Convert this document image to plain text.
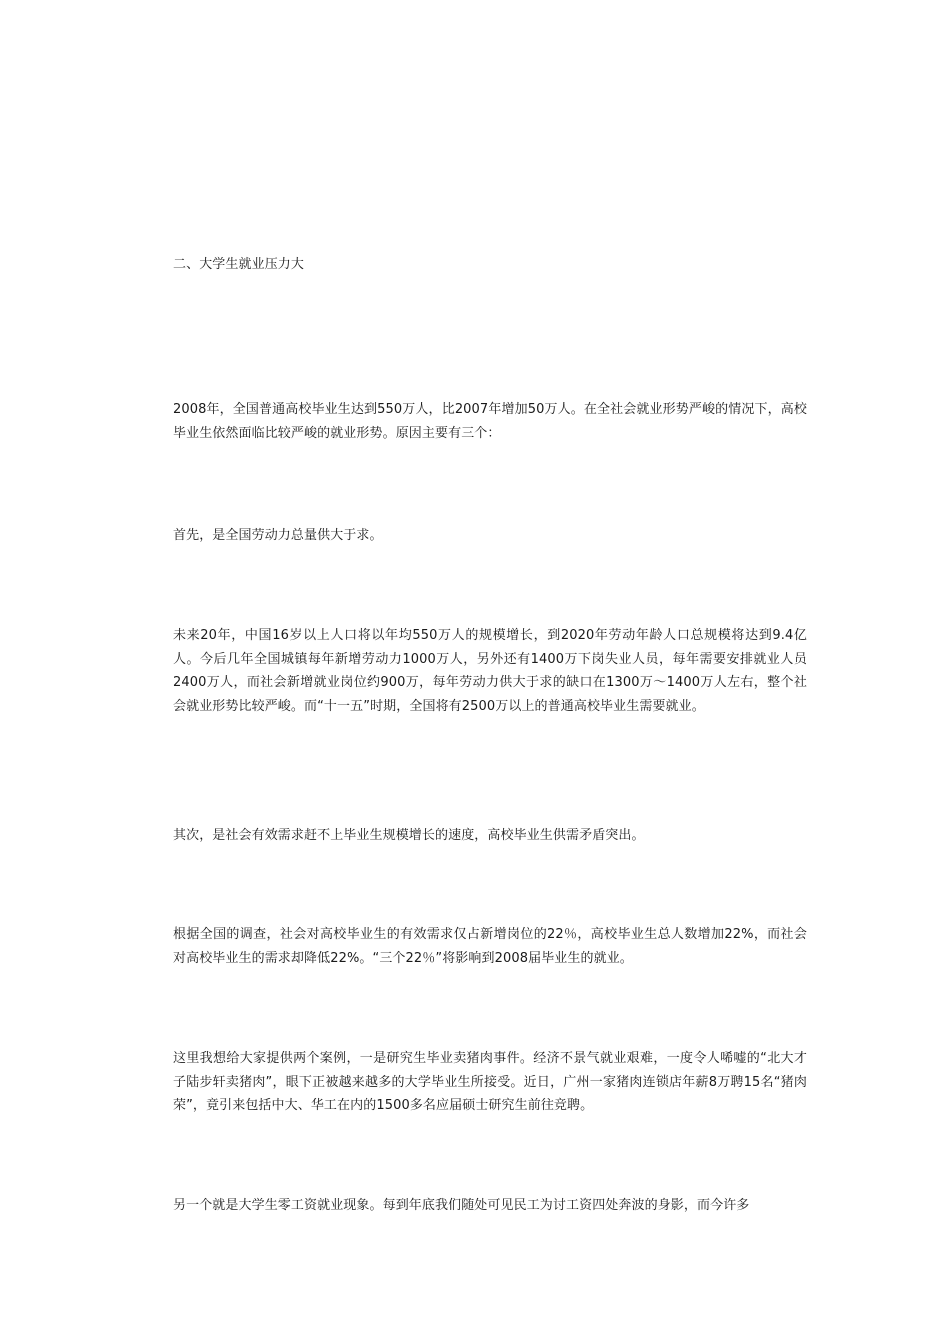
二、大学生就业压力大

2008年，全国普通高校毕业生达到550万人，比2007年增加50万人。在全社会就业形势严峻的情况下，高校毕业生依然面临比较严峻的就业形势。原因主要有三个：

首先，是全国劳动力总量供大于求。

未来20年，中国16岁以上人口将以年均550万人的规模增长，到2020年劳动年龄人口总规模将达到9.4亿人。今后几年全国城镇每年新增劳动力1000万人，另外还有1400万下岗失业人员，每年需要安排就业人员2400万人，而社会新增就业岗位约900万，每年劳动力供大于求的缺口在1300万～1400万人左右，整个社会就业形势比较严峻。而“十一五”时期，全国将有2500万以上的普通高校毕业生需要就业。

其次，是社会有效需求赶不上毕业生规模增长的速度，高校毕业生供需矛盾突出。

根据全国的调查，社会对高校毕业生的有效需求仅占新增岗位的22％，高校毕业生总人数增加22%，而社会对高校毕业生的需求却降低22%。“三个22％”将影响到2008届毕业生的就业。

这里我想给大家提供两个案例，一是研究生毕业卖猪肉事件。经济不景气就业艰难，一度令人唏嘘的“北大才子陆步轩卖猪肉”，眼下正被越来越多的大学毕业生所接受。近日，广州一家猪肉连锁店年薪8万聘15名“猪肉荣”，竟引来包括中大、华工在内的1500多名应届硕士研究生前往竞聘。

另一个就是大学生零工资就业现象。每到年底我们随处可见民工为讨工资四处奔波的身影，而今许多
